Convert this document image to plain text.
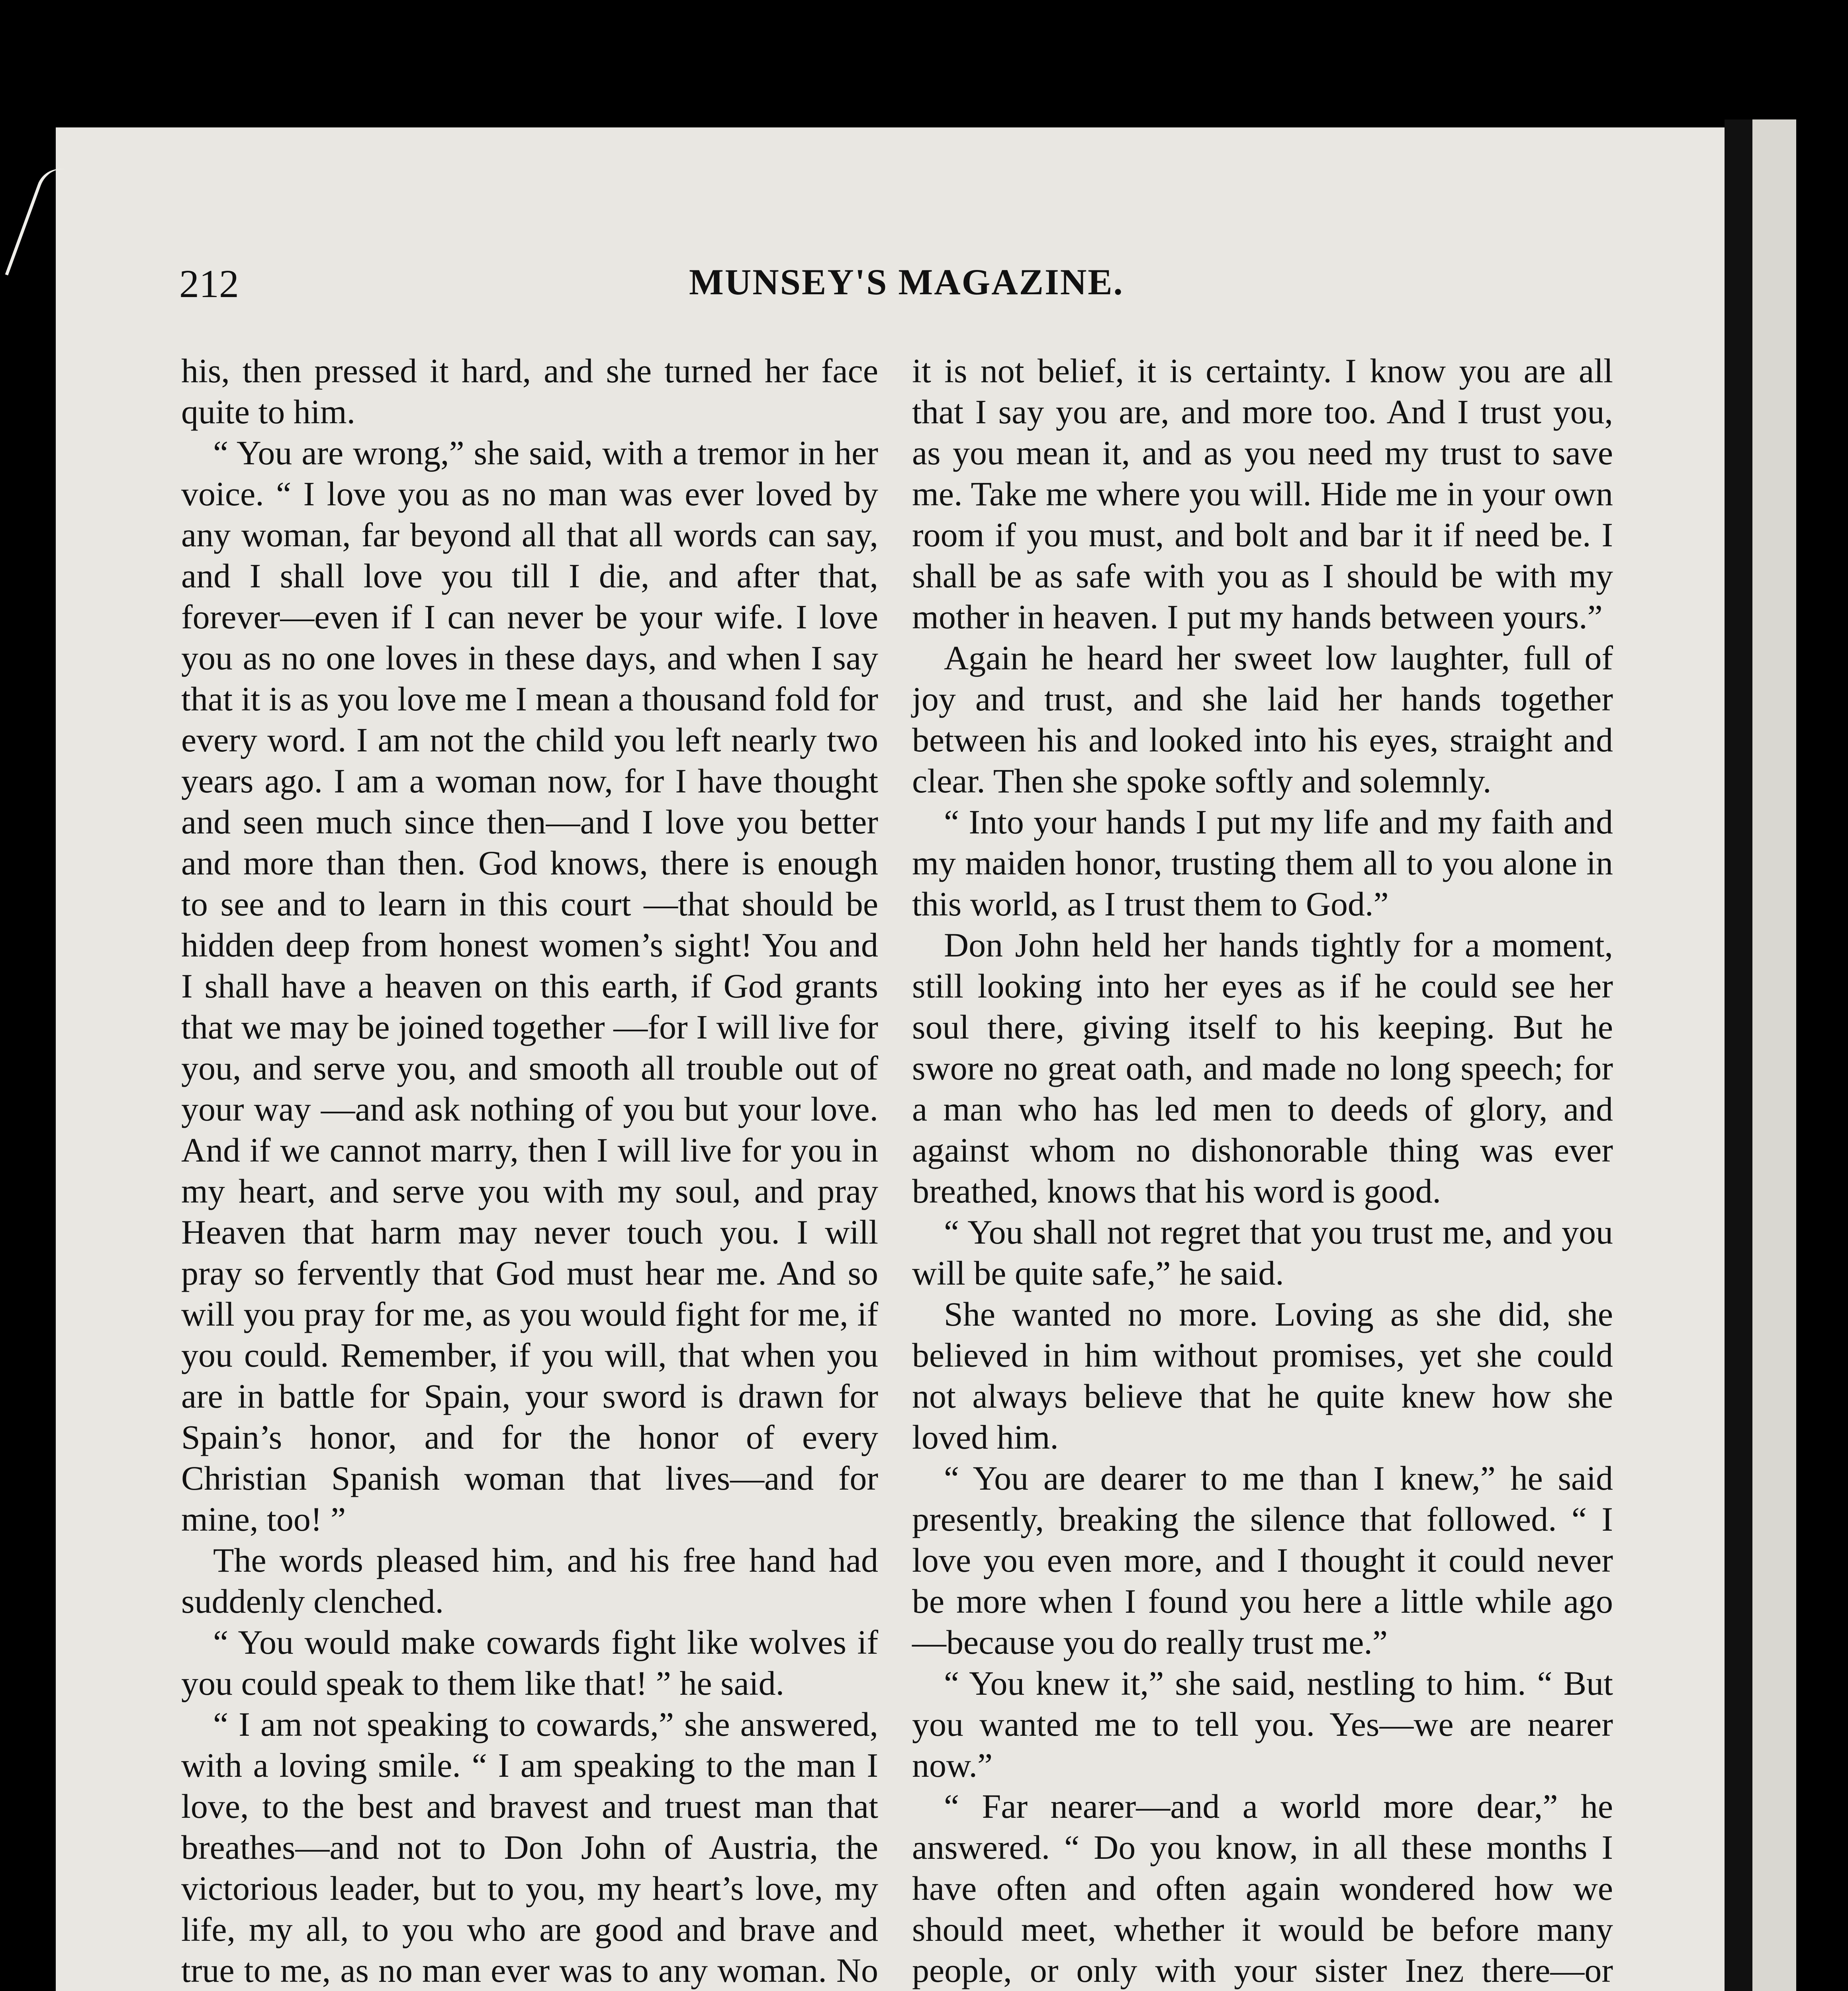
212	MUNSEY'S MAGAZINE.

his, then pressed it hard, and she turned her face quite to him.

“ You are wrong,” she said, with a tremor in her voice. “ I love you as no man was ever loved by any woman, far beyond all that all words can say, and I shall love you till I die, and after that, forever—even if I can never be your wife. I love you as no one loves in these days, and when I say that it is as you love me I mean a thousand fold for every word. I am not the child you left nearly two years ago. I am a woman now, for I have thought and seen much since then—and I love you better and more than then. God knows, there is enough to see and to learn in this court —that should be hidden deep from honest women’s sight! You and I shall have a heaven on this earth, if God grants that we may be joined together —for I will live for you, and serve you, and smooth all trouble out of your way —and ask nothing of you but your love. And if we cannot marry, then I will live for you in my heart, and serve you with my soul, and pray Heaven that harm may never touch you. I will pray so fervently that God must hear me. And so will you pray for me, as you would fight for me, if you could. Remember, if you will, that when you are in battle for Spain, your sword is drawn for Spain’s honor, and for the honor of every Christian Spanish woman that lives—and for mine, too! ”

The words pleased him, and his free hand had suddenly clenched.

“ You would make cowards fight like wolves if you could speak to them like that! ” he said.

“ I am not speaking to cowards,” she answered, with a loving smile. “ I am speaking to the man I love, to the best and bravest and truest man that breathes—and not to Don John of Austria, the victorious leader, but to you, my heart’s love, my life, my all, to you who are good and brave and true to me, as no man ever was to any woman. No

it is not belief, it is certainty. I know you are all that I say you are, and more too. And I trust you, as you mean it, and as you need my trust to save me. Take me where you will. Hide me in your own room if you must, and bolt and bar it if need be. I shall be as safe with you as I should be with my mother in heaven. I put my hands between yours.”

Again he heard her sweet low laughter, full of joy and trust, and she laid her hands together between his and looked into his eyes, straight and clear. Then she spoke softly and solemnly.

“ Into your hands I put my life and my faith and my maiden honor, trusting them all to you alone in this world, as I trust them to God.”

Don John held her hands tightly for a moment, still looking into her eyes as if he could see her soul there, giving itself to his keeping. But he swore no great oath, and made no long speech; for a man who has led men to deeds of glory, and against whom no dishonorable thing was ever breathed, knows that his word is good.

“ You shall not regret that you trust me, and you will be quite safe,” he said.

She wanted no more. Loving as she did, she believed in him without promises, yet she could not always believe that he quite knew how she loved him.

“ You are dearer to me than I knew,” he said presently, breaking the silence that followed. “ I love you even more, and I thought it could never be more when I found you here a little while ago —because you do really trust me.”

“ You knew it,” she said, nestling to him. “ But you wanted me to tell you. Yes—we are nearer now.”

“ Far nearer—and a world more dear,” he answered. “ Do you know, in all these months I have often and often again wondered how we should meet, whether it would be before many people, or only with your sister Inez there—or
